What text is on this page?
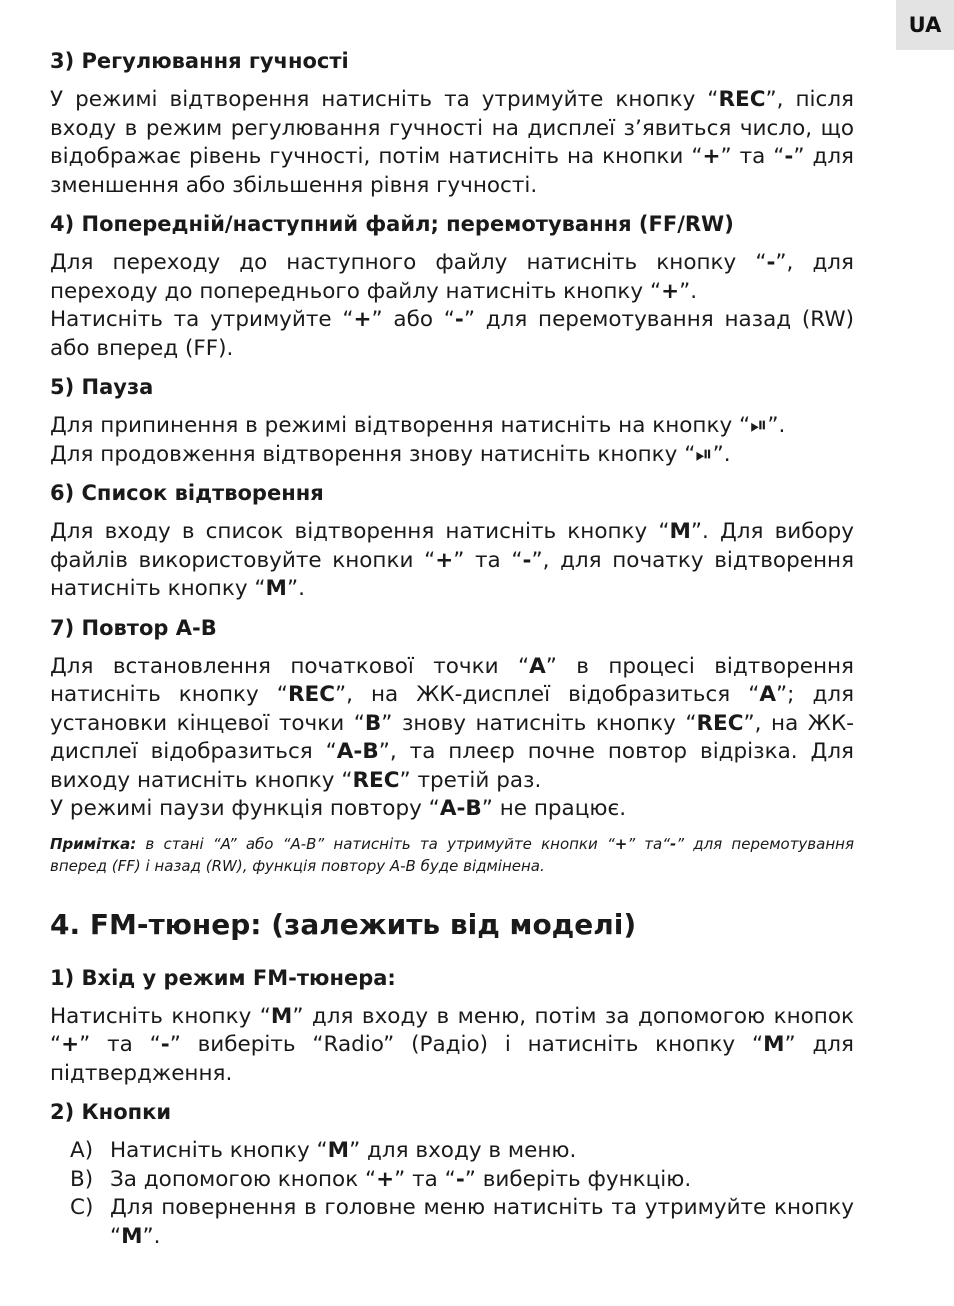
UA
3) Регулювання гучності

У режимі відтворення натисніть та утримуйте кнопку “REC”, після входу в режим регулювання гучності на дисплеї з’явиться число, що відображає рівень гучності, потім натисніть на кнопки “+” та “-” для зменшення або збільшення рівня гучності.

4) Попередній/наступний файл; перемотування (FF/RW)

Для переходу до наступного файлу натисніть кнопку “-”, для переходу до попереднього файлу натисніть кнопку “+”.
Натисніть та утримуйте “+” або “-” для перемотування назад (RW) або вперед (FF).

5) Пауза

Для припинення в режимі відтворення натисніть на кнопку “⏯”.
Для продовження відтворення знову натисніть кнопку “⏯”.

6) Список відтворення

Для входу в список відтворення натисніть кнопку “M”. Для вибору файлів використовуйте кнопки “+” та “-”, для початку відтворення натисніть кнопку “M”.

7) Повтор A-B

Для встановлення початкової точки “A” в процесі відтворення натисніть кнопку “REC”, на ЖК-дисплеї відобразиться “A”; для установки кінцевої точки “B” знову натисніть кнопку “REC”, на ЖК-дисплеї відобразиться “A-B”, та плеєр почне повтор відрізка. Для виходу натисніть кнопку “REC” третій раз.
У режимі паузи функція повтору “A-B” не працює.

Примітка: в стані “A” або “A-B” натисніть та утримуйте кнопки “+” та“-” для перемотування вперед (FF) і назад (RW), функція повтору A-B буде відмінена.

4. FM-тюнер: (залежить від моделі)
1) Вхід у режим FM-тюнера:

Натисніть кнопку “M” для входу в меню, потім за допомогою кнопок “+” та “-” виберіть “Radio” (Радіо) і натисніть кнопку “M” для підтвердження.

2) Кнопки
A) Натисніть кнопку “M” для входу в меню.
B) За допомогою кнопок “+” та “-” виберіть функцію.
C) Для повернення в головне меню натисніть та утримуйте кнопку “M”.
